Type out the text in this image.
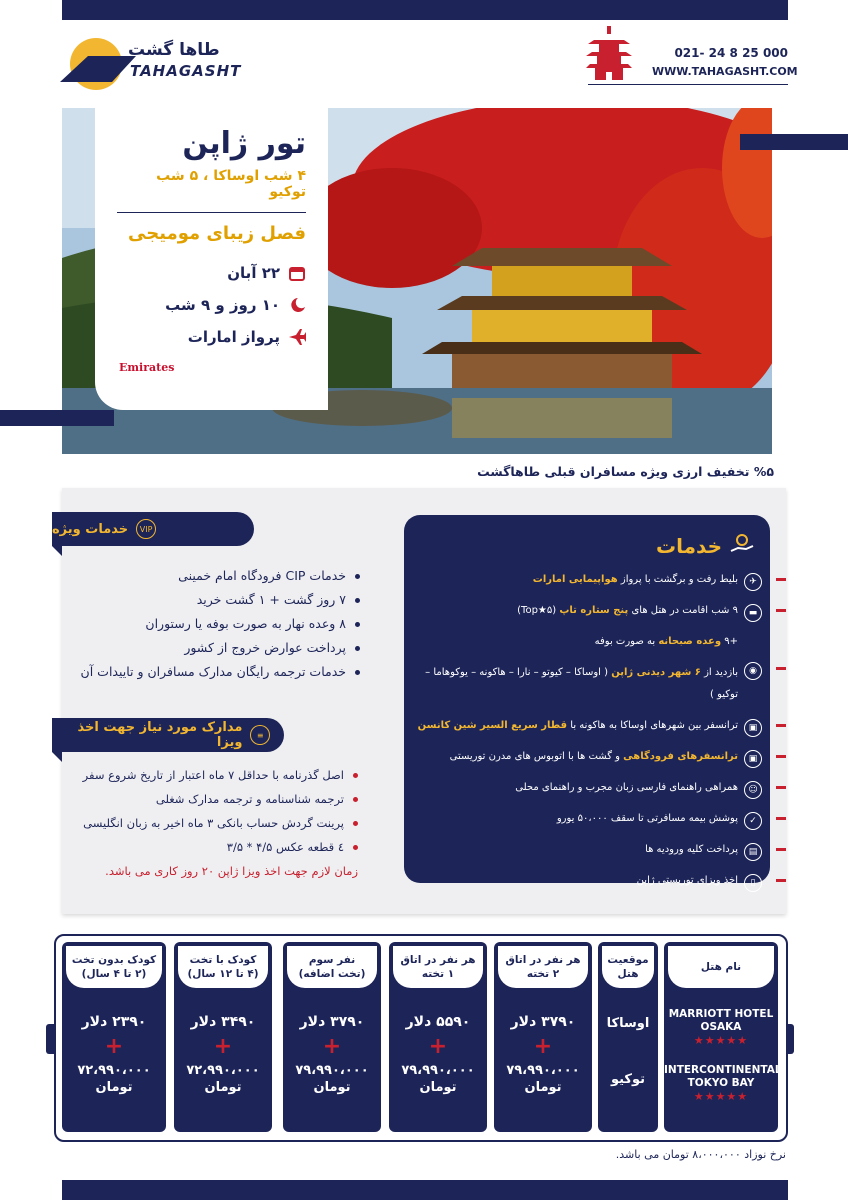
طاها گشت
TAHAGASHT
021- 24 8 25 000
WWW.TAHAGASHT.COM
تور ژاپن
۴ شب اوساکا ، ۵ شب توکیو
فصل زیبای مومیجی
۲۲ آبان
۱۰ روز و ۹ شب
پرواز امارات
Emirates
%۵ تخفیف ارزی ویژه مسافران قبلی طاهاگشت
VIP
خدمات ویژه
خدمات CIP فرودگاه امام خمینی
۷ روز گشت + ۱ گشت خرید
۸ وعده نهار به صورت بوفه یا رستوران
پرداخت عوارض خروج از کشور
خدمات ترجمه رایگان مدارک مسافران و تاییدات آن
≡
مدارک مورد نیاز جهت اخذ ویزا
اصل گذرنامه با حداقل ۷ ماه اعتبار از تاریخ شروع سفر
ترجمه شناسنامه و ترجمه مدارک شغلی
پرینت گردش حساب بانکی ۳ ماه اخیر به زبان انگلیسی
٤ قطعه عکس ۴/۵ * ۳/۵
زمان لازم جهت اخذ ویزا ژاپن ۲۰ روز کاری می باشد.
خدمات
✈
بلیط رفت و برگشت با پرواز هواپیمایی امارات
▬
۹ شب اقامت در هتل های پنج ستاره تاپ (Top★۵)
+۹ وعده صبحانه به صورت بوفه
◉
بازدید از ۶ شهر دیدنی ژاپن ( اوساکا – کیوتو – نارا – هاکونه – یوکوهاما – توکیو )
▣
ترانسفر بین شهرهای اوساکا به هاکونه با قطار سریع السیر شین کانسن
▣
ترانسفرهای فرودگاهی و گشت ها با اتوبوس های مدرن توریستی
☺
همراهی راهنمای فارسی زبان مجرب و راهنمای محلی
✓
پوشش بیمه مسافرتی تا سقف ۵۰،۰۰۰ یورو
▤
پرداخت کلیه ورودیه ها
▯
اخذ ویزای توریستی ژاپن
نام هتل
MARRIOTT HOTEL
OSAKA
★★★★★
INTERCONTINENTAL
TOKYO BAY
★★★★★
موقعیت
هتل
اوساکا
توکیو
هر نفر در اتاق
۲ تخته
۳۷۹۰ دلار
+
۷۹،۹۹۰،۰۰۰
تومان
هر نفر در اتاق
۱ تخته
۵۵۹۰ دلار
+
۷۹،۹۹۰،۰۰۰
تومان
نفر سوم
(تخت اضافه)
۳۷۹۰ دلار
+
۷۹،۹۹۰،۰۰۰
تومان
کودک با تخت
(۴ تا ۱۲ سال)
۳۴۹۰ دلار
+
۷۲،۹۹۰،۰۰۰
تومان
کودک بدون تخت
(۲ تا ۴ سال)
۲۳۹۰ دلار
+
۷۲،۹۹۰،۰۰۰
تومان
نرخ نوزاد ۸،۰۰۰،۰۰۰ تومان می باشد.
